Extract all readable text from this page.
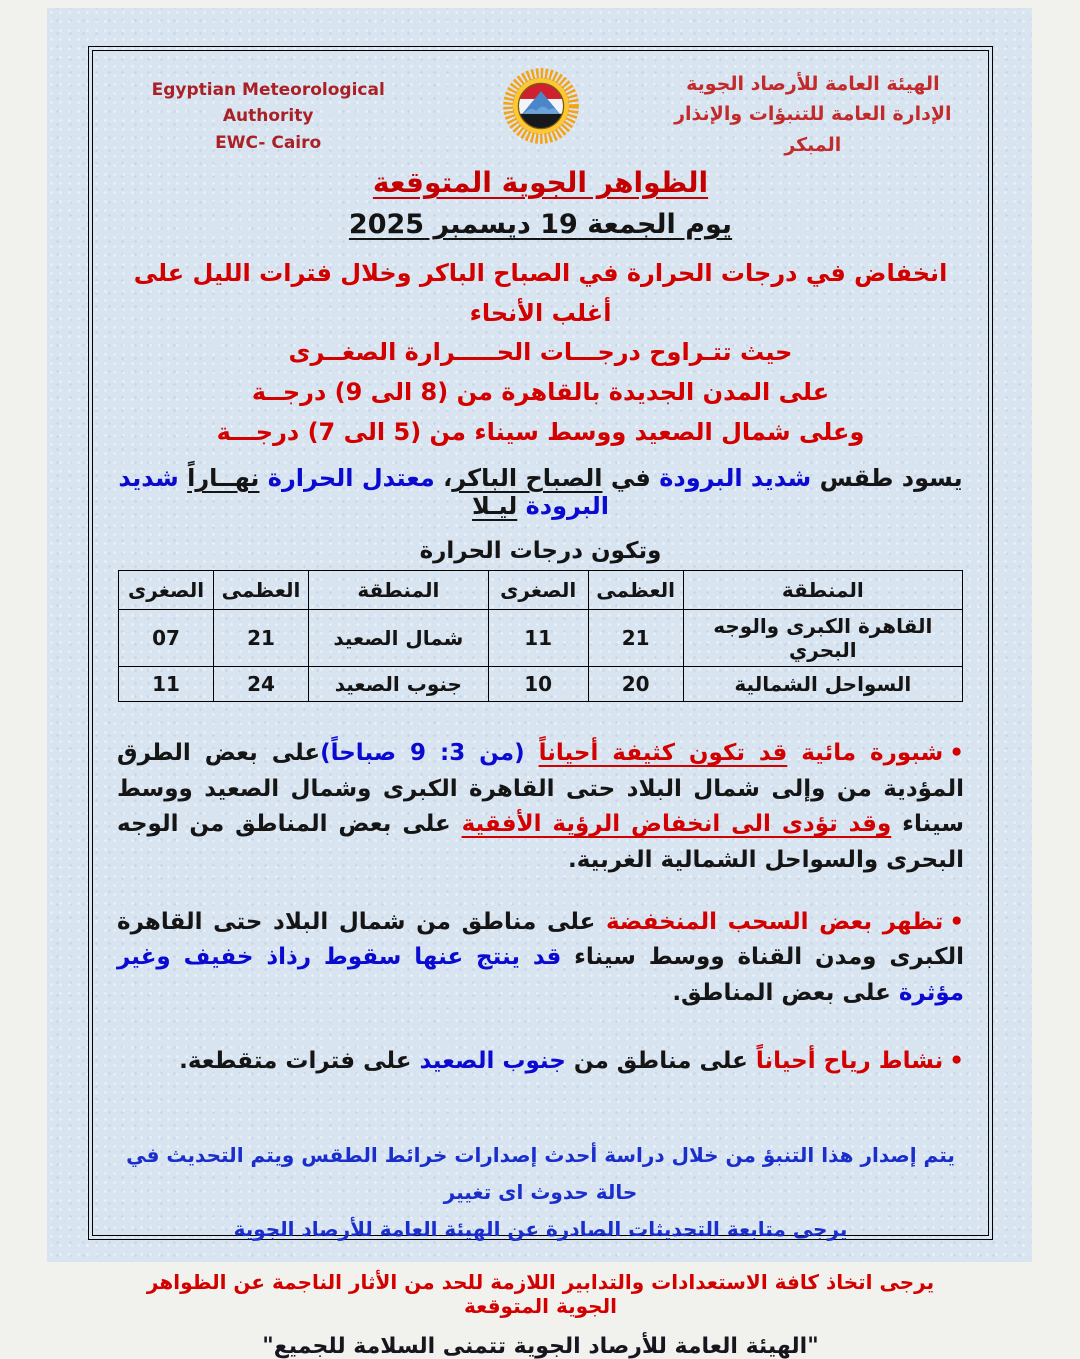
Egyptian Meteorological Authority
EWC- Cairo
الهيئة العامة للأرصاد الجوية
الإدارة العامة للتنبؤات والإنذار المبكر
الظواهر الجوية المتوقعة
يوم الجمعة 19 ديسمبر 2025
انخفاض في درجات الحرارة في الصباح الباكر وخلال فترات الليل على أغلب الأنحاء
حيث تتـراوح درجـــات الحـــــرارة الصغــرى
على المدن الجديدة بالقاهرة من (8 الى 9) درجــة
وعلى شمال الصعيد ووسط سيناء من (5 الى 7) درجـــة
يسود طقس شديد البرودة في الصباح الباكر، معتدل الحرارة نهــاراً شديد البرودة ليـلا
وتكون درجات الحرارة
المنطقة	العظمى	الصغرى	المنطقة	العظمى	الصغرى
القاهرة الكبرى والوجه البحري	21	11	شمال الصعيد	21	07
السواحل الشمالية	20	10	جنوب الصعيد	24	11
•شبورة مائية قد تكون كثيفة أحياناً (من 3: 9 صباحاً)على بعض الطرق المؤدية من وإلى شمال البلاد حتى القاهرة الكبرى وشمال الصعيد ووسط سيناء وقد تؤدى الى انخفاض الرؤية الأفقية على بعض المناطق من الوجه البحرى والسواحل الشمالية الغربية.
•تظهر بعض السحب المنخفضة على مناطق من شمال البلاد حتى القاهرة الكبرى ومدن القناة ووسط سيناء قد ينتج عنها سقوط رذاذ خفيف وغير مؤثرة على بعض المناطق.
•نشاط رياح أحياناً على مناطق من جنوب الصعيد على فترات متقطعة.
يتم إصدار هذا التنبؤ من خلال دراسة أحدث إصدارات خرائط الطقس ويتم التحديث في حالة حدوث اى تغيير
يرجى متابعة التحديثات الصادرة عن الهيئة العامة للأرصاد الجوية
يرجى اتخاذ كافة الاستعدادات والتدابير اللازمة للحد من الأثار الناجمة عن الظواهر الجوية المتوقعة
"الهيئة العامة للأرصاد الجوية تتمنى السلامة للجميع"
